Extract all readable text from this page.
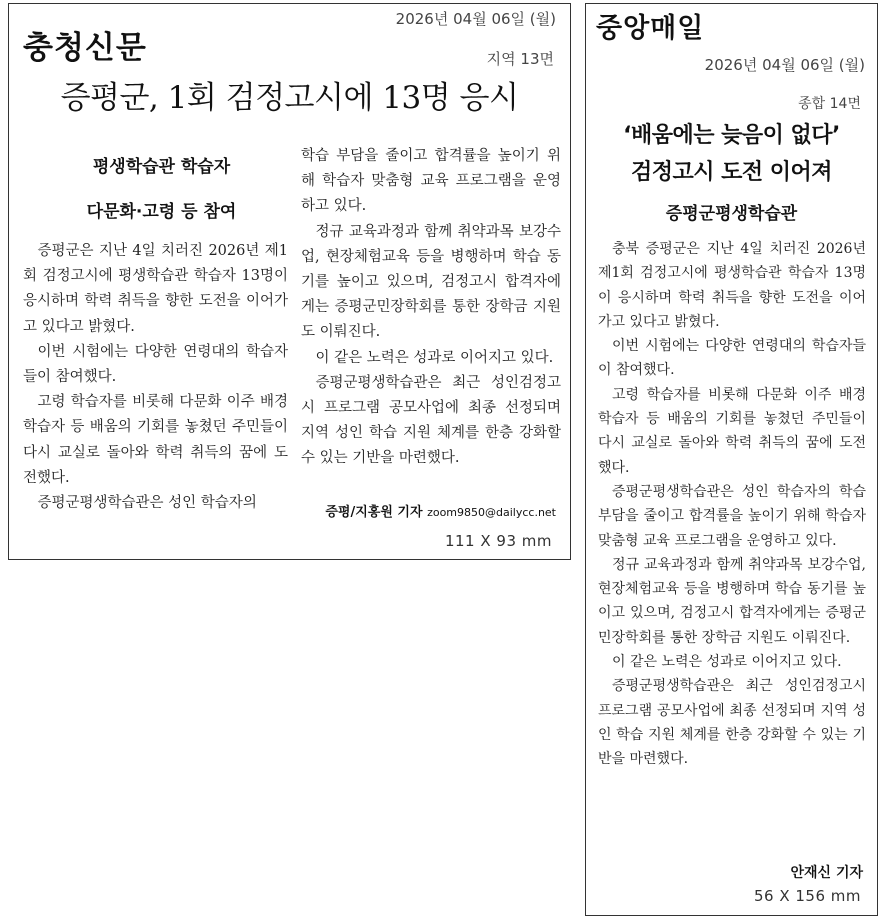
충청신문
2026년 04월 06일 (월)
지역 13면
증평군, 1회 검정고시에 13명 응시
평생학습관 학습자
다문화·고령 등 참여

증평군은 지난 4일 치러진 2026년 제1회 검정고시에 평생학습관 학습자 13명이 응시하며 학력 취득을 향한 도전을 이어가고 있다고 밝혔다.

이번 시험에는 다양한 연령대의 학습자들이 참여했다.

고령 학습자를 비롯해 다문화 이주 배경 학습자 등 배움의 기회를 놓쳤던 주민들이 다시 교실로 돌아와 학력 취득의 꿈에 도전했다.

증평군평생학습관은 성인 학습자의

학습 부담을 줄이고 합격률을 높이기 위해 학습자 맞춤형 교육 프로그램을 운영하고 있다.

정규 교육과정과 함께 취약과목 보강수업, 현장체험교육 등을 병행하며 학습 동기를 높이고 있으며, 검정고시 합격자에게는 증평군민장학회를 통한 장학금 지원도 이뤄진다.

이 같은 노력은 성과로 이어지고 있다.

증평군평생학습관은 최근 성인검정고시 프로그램 공모사업에 최종 선정되며 지역 성인 학습 지원 체계를 한층 강화할 수 있는 기반을 마련했다.

증평/지홍원 기자 zoom9850@dailycc.net
111 X 93 mm
중앙매일
2026년 04월 06일 (월)
종합 14면
‘배움에는 늦음이 없다’
검정고시 도전 이어져
증평군평생학습관

충북 증평군은 지난 4일 치러진 2026년 제1회 검정고시에 평생학습관 학습자 13명이 응시하며 학력 취득을 향한 도전을 이어가고 있다고 밝혔다.

이번 시험에는 다양한 연령대의 학습자들이 참여했다.

고령 학습자를 비롯해 다문화 이주 배경 학습자 등 배움의 기회를 놓쳤던 주민들이 다시 교실로 돌아와 학력 취득의 꿈에 도전했다.

증평군평생학습관은 성인 학습자의 학습 부담을 줄이고 합격률을 높이기 위해 학습자 맞춤형 교육 프로그램을 운영하고 있다.

정규 교육과정과 함께 취약과목 보강수업, 현장체험교육 등을 병행하며 학습 동기를 높이고 있으며, 검정고시 합격자에게는 증평군민장학회를 통한 장학금 지원도 이뤄진다.

이 같은 노력은 성과로 이어지고 있다.

증평군평생학습관은 최근 성인검정고시 프로그램 공모사업에 최종 선정되며 지역 성인 학습 지원 체계를 한층 강화할 수 있는 기반을 마련했다.

안재신 기자
56 X 156 mm
